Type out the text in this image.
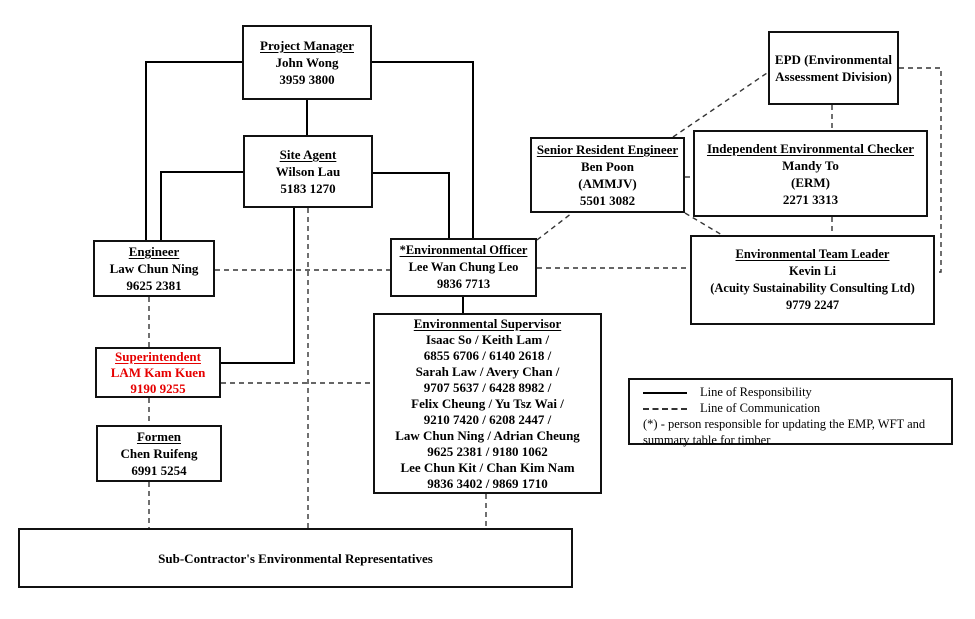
Project Manager
John Wong
3959 3800
Site Agent
Wilson Lau
5183 1270
EPD (Environmental
Assessment Division)
Senior Resident Engineer
Ben Poon
(AMMJV)
5501 3082
Independent Environmental Checker
Mandy To
(ERM)
2271 3313
Engineer
Law Chun Ning
9625 2381
*Environmental Officer
Lee Wan Chung Leo
9836 7713
Environmental Team Leader
Kevin Li
(Acuity Sustainability Consulting Ltd)
9779 2247
Superintendent
LAM Kam Kuen
9190 9255
Environmental Supervisor
Isaac So / Keith Lam /
6855 6706 / 6140 2618 /
Sarah Law / Avery Chan /
9707 5637 / 6428 8982 /
Felix Cheung / Yu Tsz Wai /
9210 7420 / 6208 2447 /
Law Chun Ning / Adrian Cheung
9625 2381 / 9180 1062
Lee Chun Kit / Chan Kim Nam
9836 3402 / 9869 1710
Formen
Chen Ruifeng
6991 5254
Sub-Contractor's Environmental Representatives
Line of Responsibility
Line of Communication

(*) - person responsible for updating the EMP, WFT and summary table for timber
